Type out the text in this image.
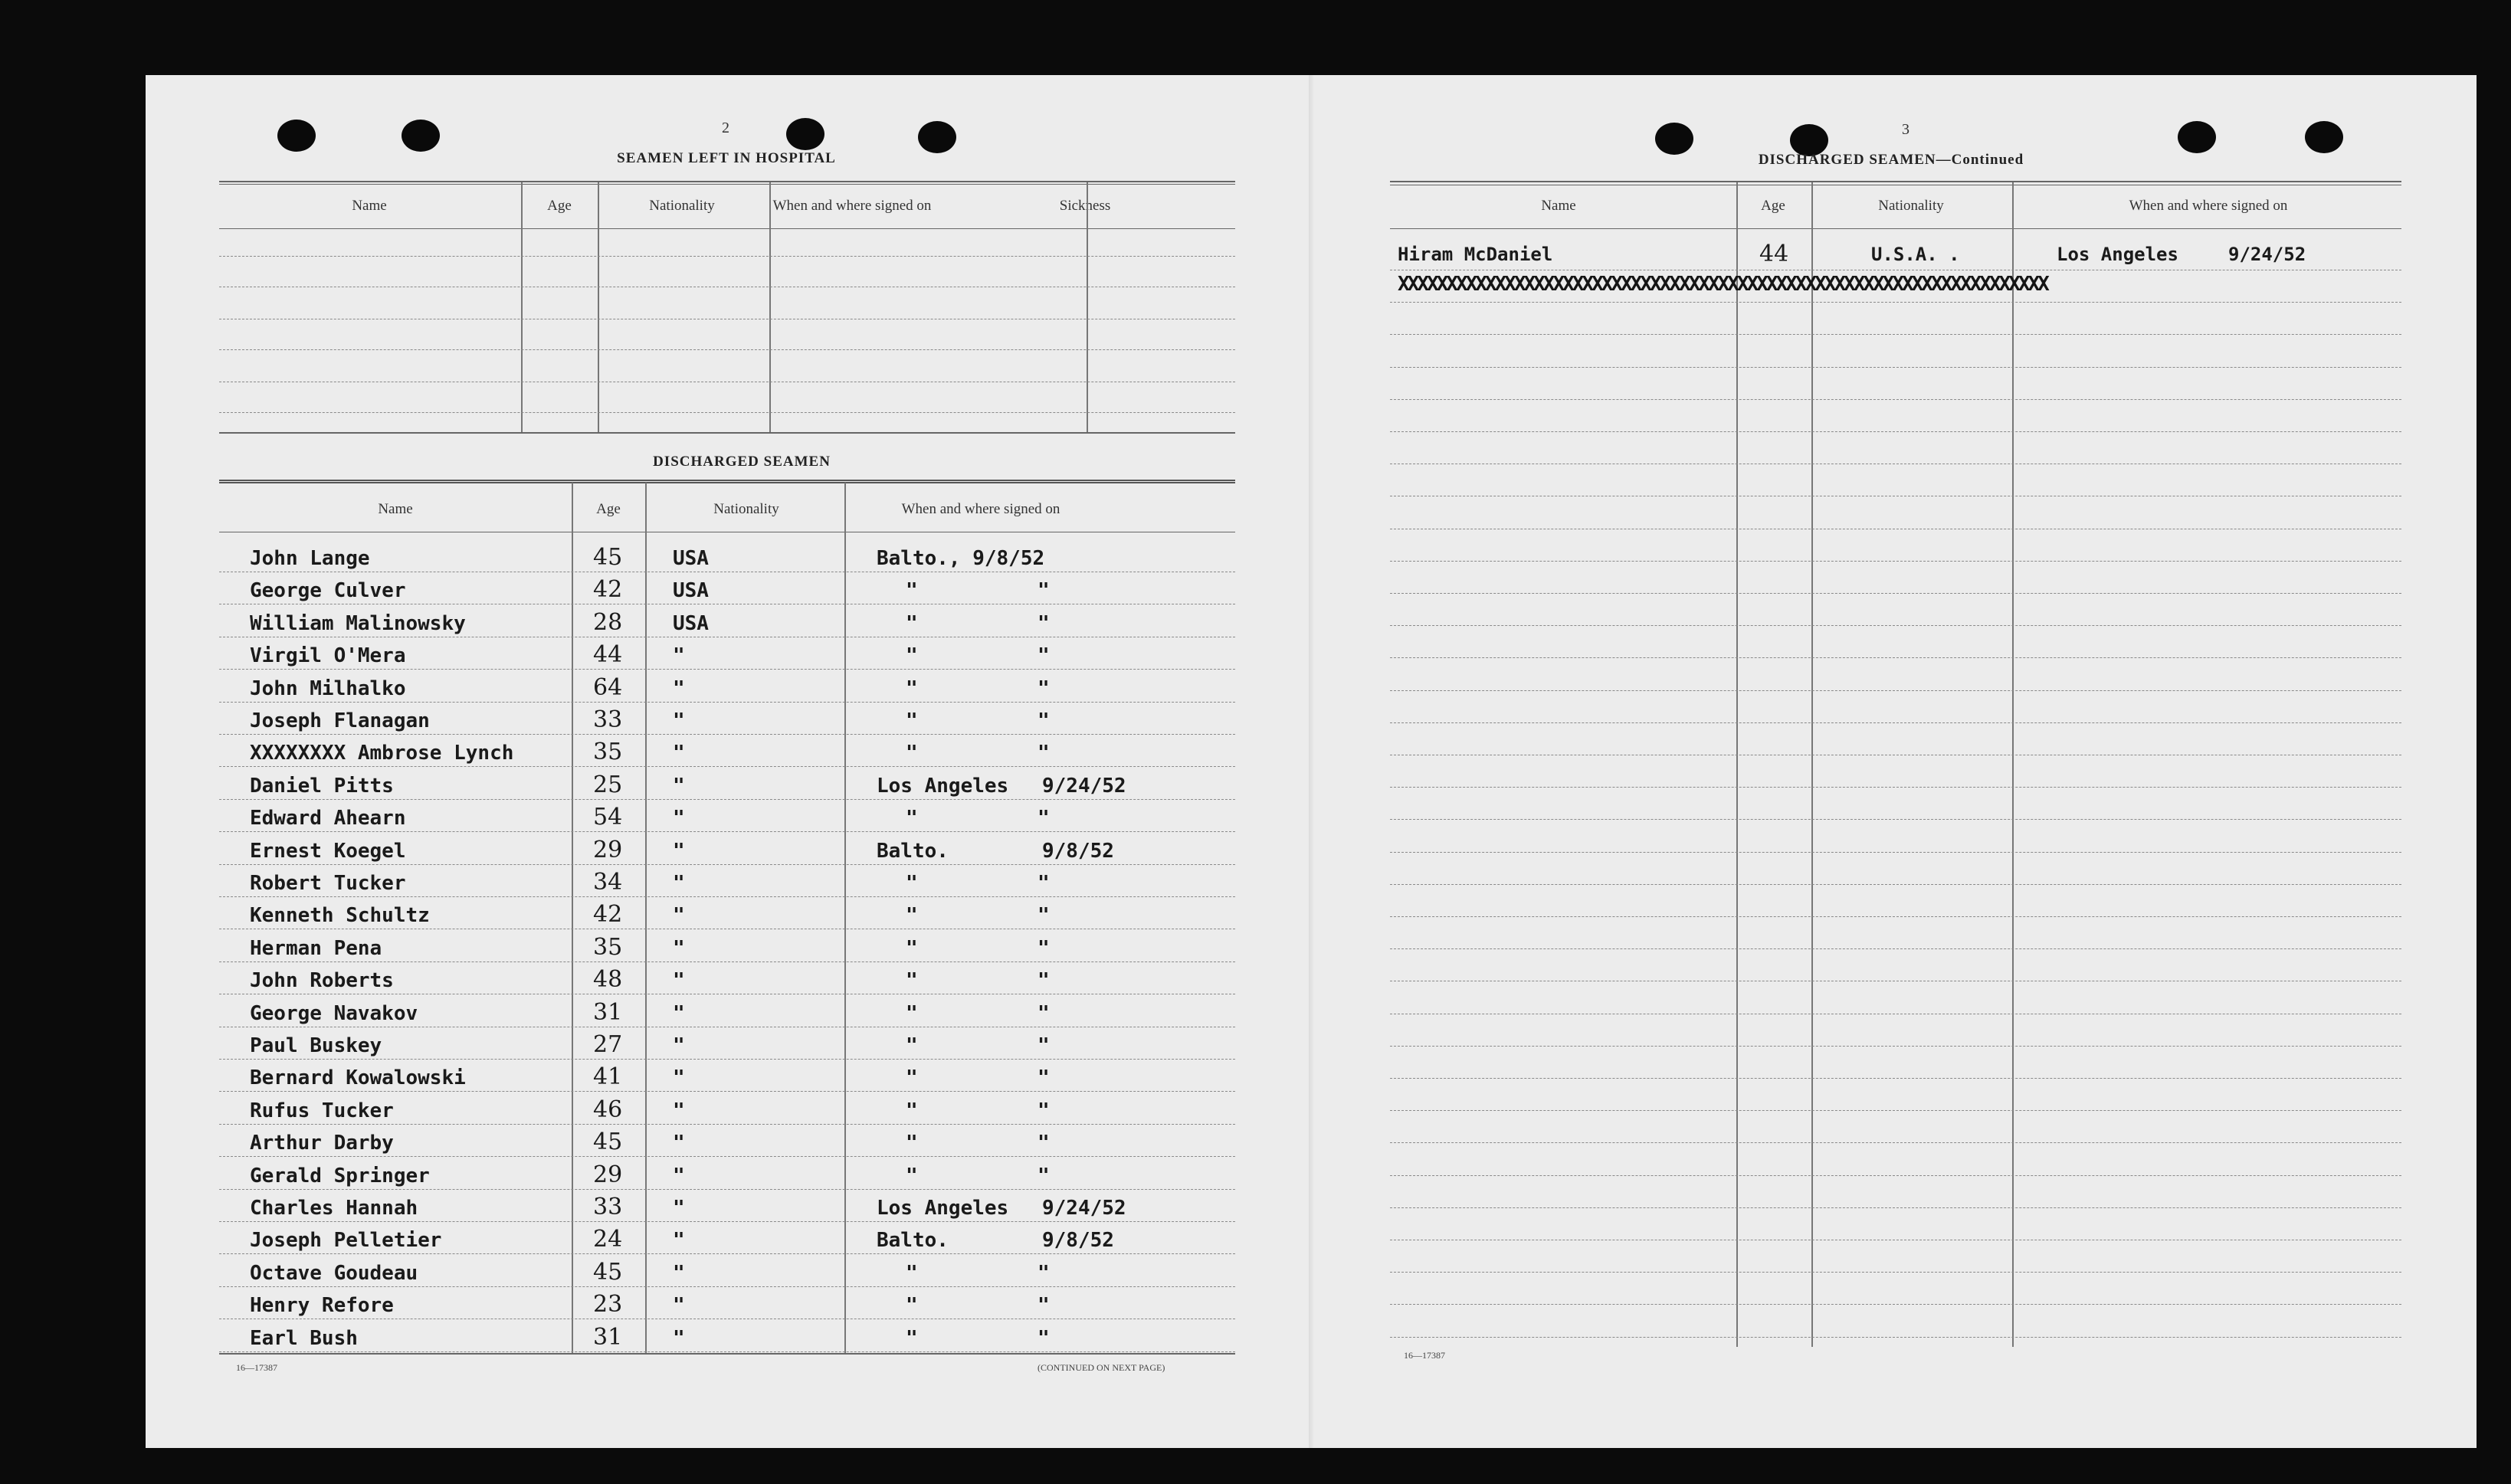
2
SEAMEN LEFT IN HOSPITAL
Name	Age	Nationality	When and where signed on	Sickness
DISCHARGED SEAMEN
Name	Age	Nationality	When and where signed on
John Lange	45	USA	Balto., 9/8/52
George Culver	42	USA	"	"
William Malinowsky	28	USA	"	"
Virgil O'Mera	44	"	"	"
John Milhalko	64	"	"	"
Joseph Flanagan	33	"	"	"
XXXXXXXX Ambrose Lynch	35	"	"	"
Daniel Pitts	25	"	Los Angeles 9/24/52
Edward Ahearn	54	"	"	"
Ernest Koegel	29	"	Balto.	9/8/52
Robert Tucker	34	"	"	"
Kenneth Schultz	42	"	"	"
Herman Pena	35	"	"	"
John Roberts	48	"	"	"
George Navakov	31	"	"	"
Paul Buskey	27	"	"	"
Bernard Kowalowski	41	"	"	"
Rufus Tucker	46	"	"	"
Arthur Darby	45	"	"	"
Gerald Springer	29	"	"	"
Charles Hannah	33	"	Los Angeles 9/24/52
Joseph Pelletier	24	"	Balto.	9/8/52
Octave Goudeau	45	"	"	"
Henry Refore	23	"	"	"
Earl Bush	31	"	"	"
16—17387	(CONTINUED ON NEXT PAGE)
3
DISCHARGED SEAMEN—Continued
Name	Age	Nationality	When and where signed on
Hiram McDaniel	44	U.S.A. .	Los Angeles	9/24/52
XXXXXXXXXXXXXXXXXXXXXXXXXXXXXXXXXXXXXXXXXXXXXXXXXXXXXXXXXXXXXXXXXXX
16—17387
